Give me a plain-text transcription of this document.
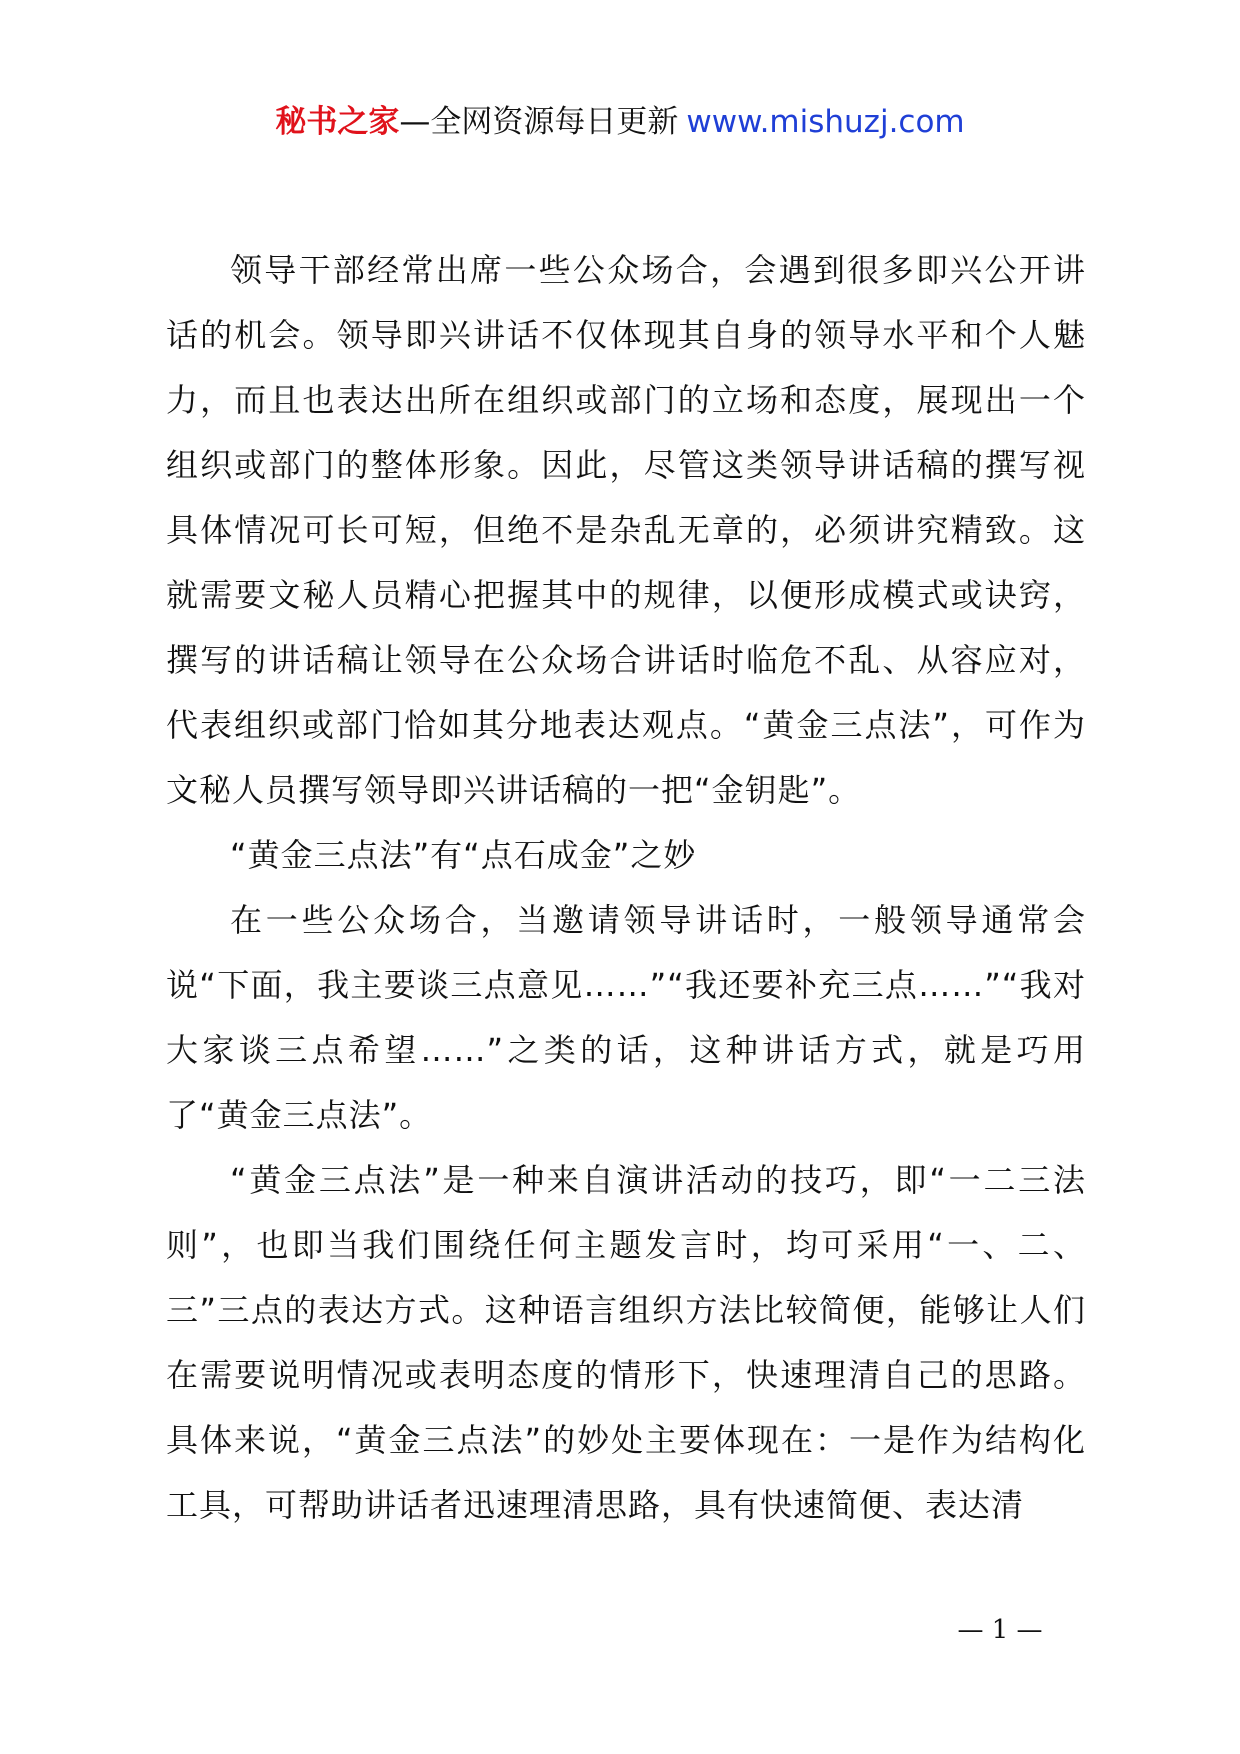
秘书之家—全网资源每日更新 www.mishuzj.com

领导干部经常出席一些公众场合，会遇到很多即兴公开讲话的机会。领导即兴讲话不仅体现其自身的领导水平和个人魅力，而且也表达出所在组织或部门的立场和态度，展现出一个组织或部门的整体形象。因此，尽管这类领导讲话稿的撰写视具体情况可长可短，但绝不是杂乱无章的，必须讲究精致。这就需要文秘人员精心把握其中的规律，以便形成模式或诀窍，撰写的讲话稿让领导在公众场合讲话时临危不乱、从容应对，代表组织或部门恰如其分地表达观点。“黄金三点法”，可作为文秘人员撰写领导即兴讲话稿的一把“金钥匙”。

“黄金三点法”有“点石成金”之妙

在一些公众场合，当邀请领导讲话时，一般领导通常会说“下面，我主要谈三点意见……”“我还要补充三点……”“我对大家谈三点希望……”之类的话，这种讲话方式，就是巧用了“黄金三点法”。

“黄金三点法”是一种来自演讲活动的技巧，即“一二三法则”，也即当我们围绕任何主题发言时，均可采用“一、二、三”三点的表达方式。这种语言组织方法比较简便，能够让人们在需要说明情况或表明态度的情形下，快速理清自己的思路。具体来说，“黄金三点法”的妙处主要体现在：一是作为结构化工具，可帮助讲话者迅速理清思路，具有快速简便、表达清

— 1 —
